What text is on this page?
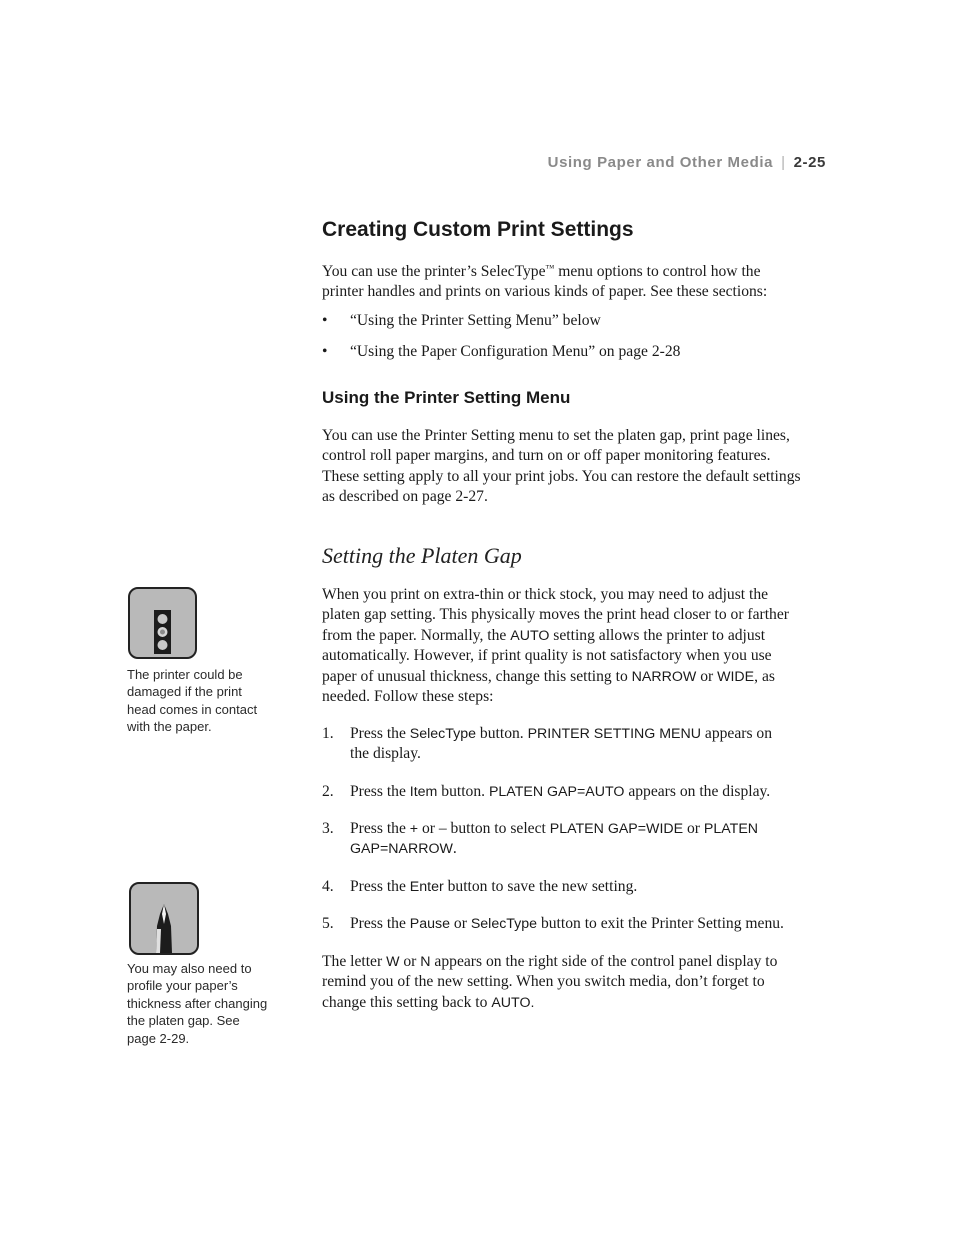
Using Paper and Other Media | 2-25
Creating Custom Print Settings
You can use the printer’s SelecType™ menu options to control how the
printer handles and prints on various kinds of paper. See these sections:
• “Using the Printer Setting Menu” below
• “Using the Paper Configuration Menu” on page 2-28
Using the Printer Setting Menu
You can use the Printer Setting menu to set the platen gap, print page lines,
control roll paper margins, and turn on or off paper monitoring features.
These setting apply to all your print jobs. You can restore the default settings
as described on page 2-27.
Setting the Platen Gap
When you print on extra-thin or thick stock, you may need to adjust the
platen gap setting. This physically moves the print head closer to or farther
from the paper. Normally, the AUTO setting allows the printer to adjust
automatically. However, if print quality is not satisfactory when you use
paper of unusual thickness, change this setting to NARROW or WIDE, as
needed. Follow these steps:
1. Press the SelecType button. PRINTER SETTING MENU appears on
the display.
2. Press the Item button. PLATEN GAP=AUTO appears on the display.
3. Press the + or – button to select PLATEN GAP=WIDE or PLATEN
GAP=NARROW.
4. Press the Enter button to save the new setting.
5. Press the Pause or SelecType button to exit the Printer Setting menu.
The letter W or N appears on the right side of the control panel display to
remind you of the new setting. When you switch media, don’t forget to
change this setting back to AUTO.
The printer could be
damaged if the print
head comes in contact
with the paper.
You may also need to
profile your paper’s
thickness after changing
the platen gap. See
page 2-29.
